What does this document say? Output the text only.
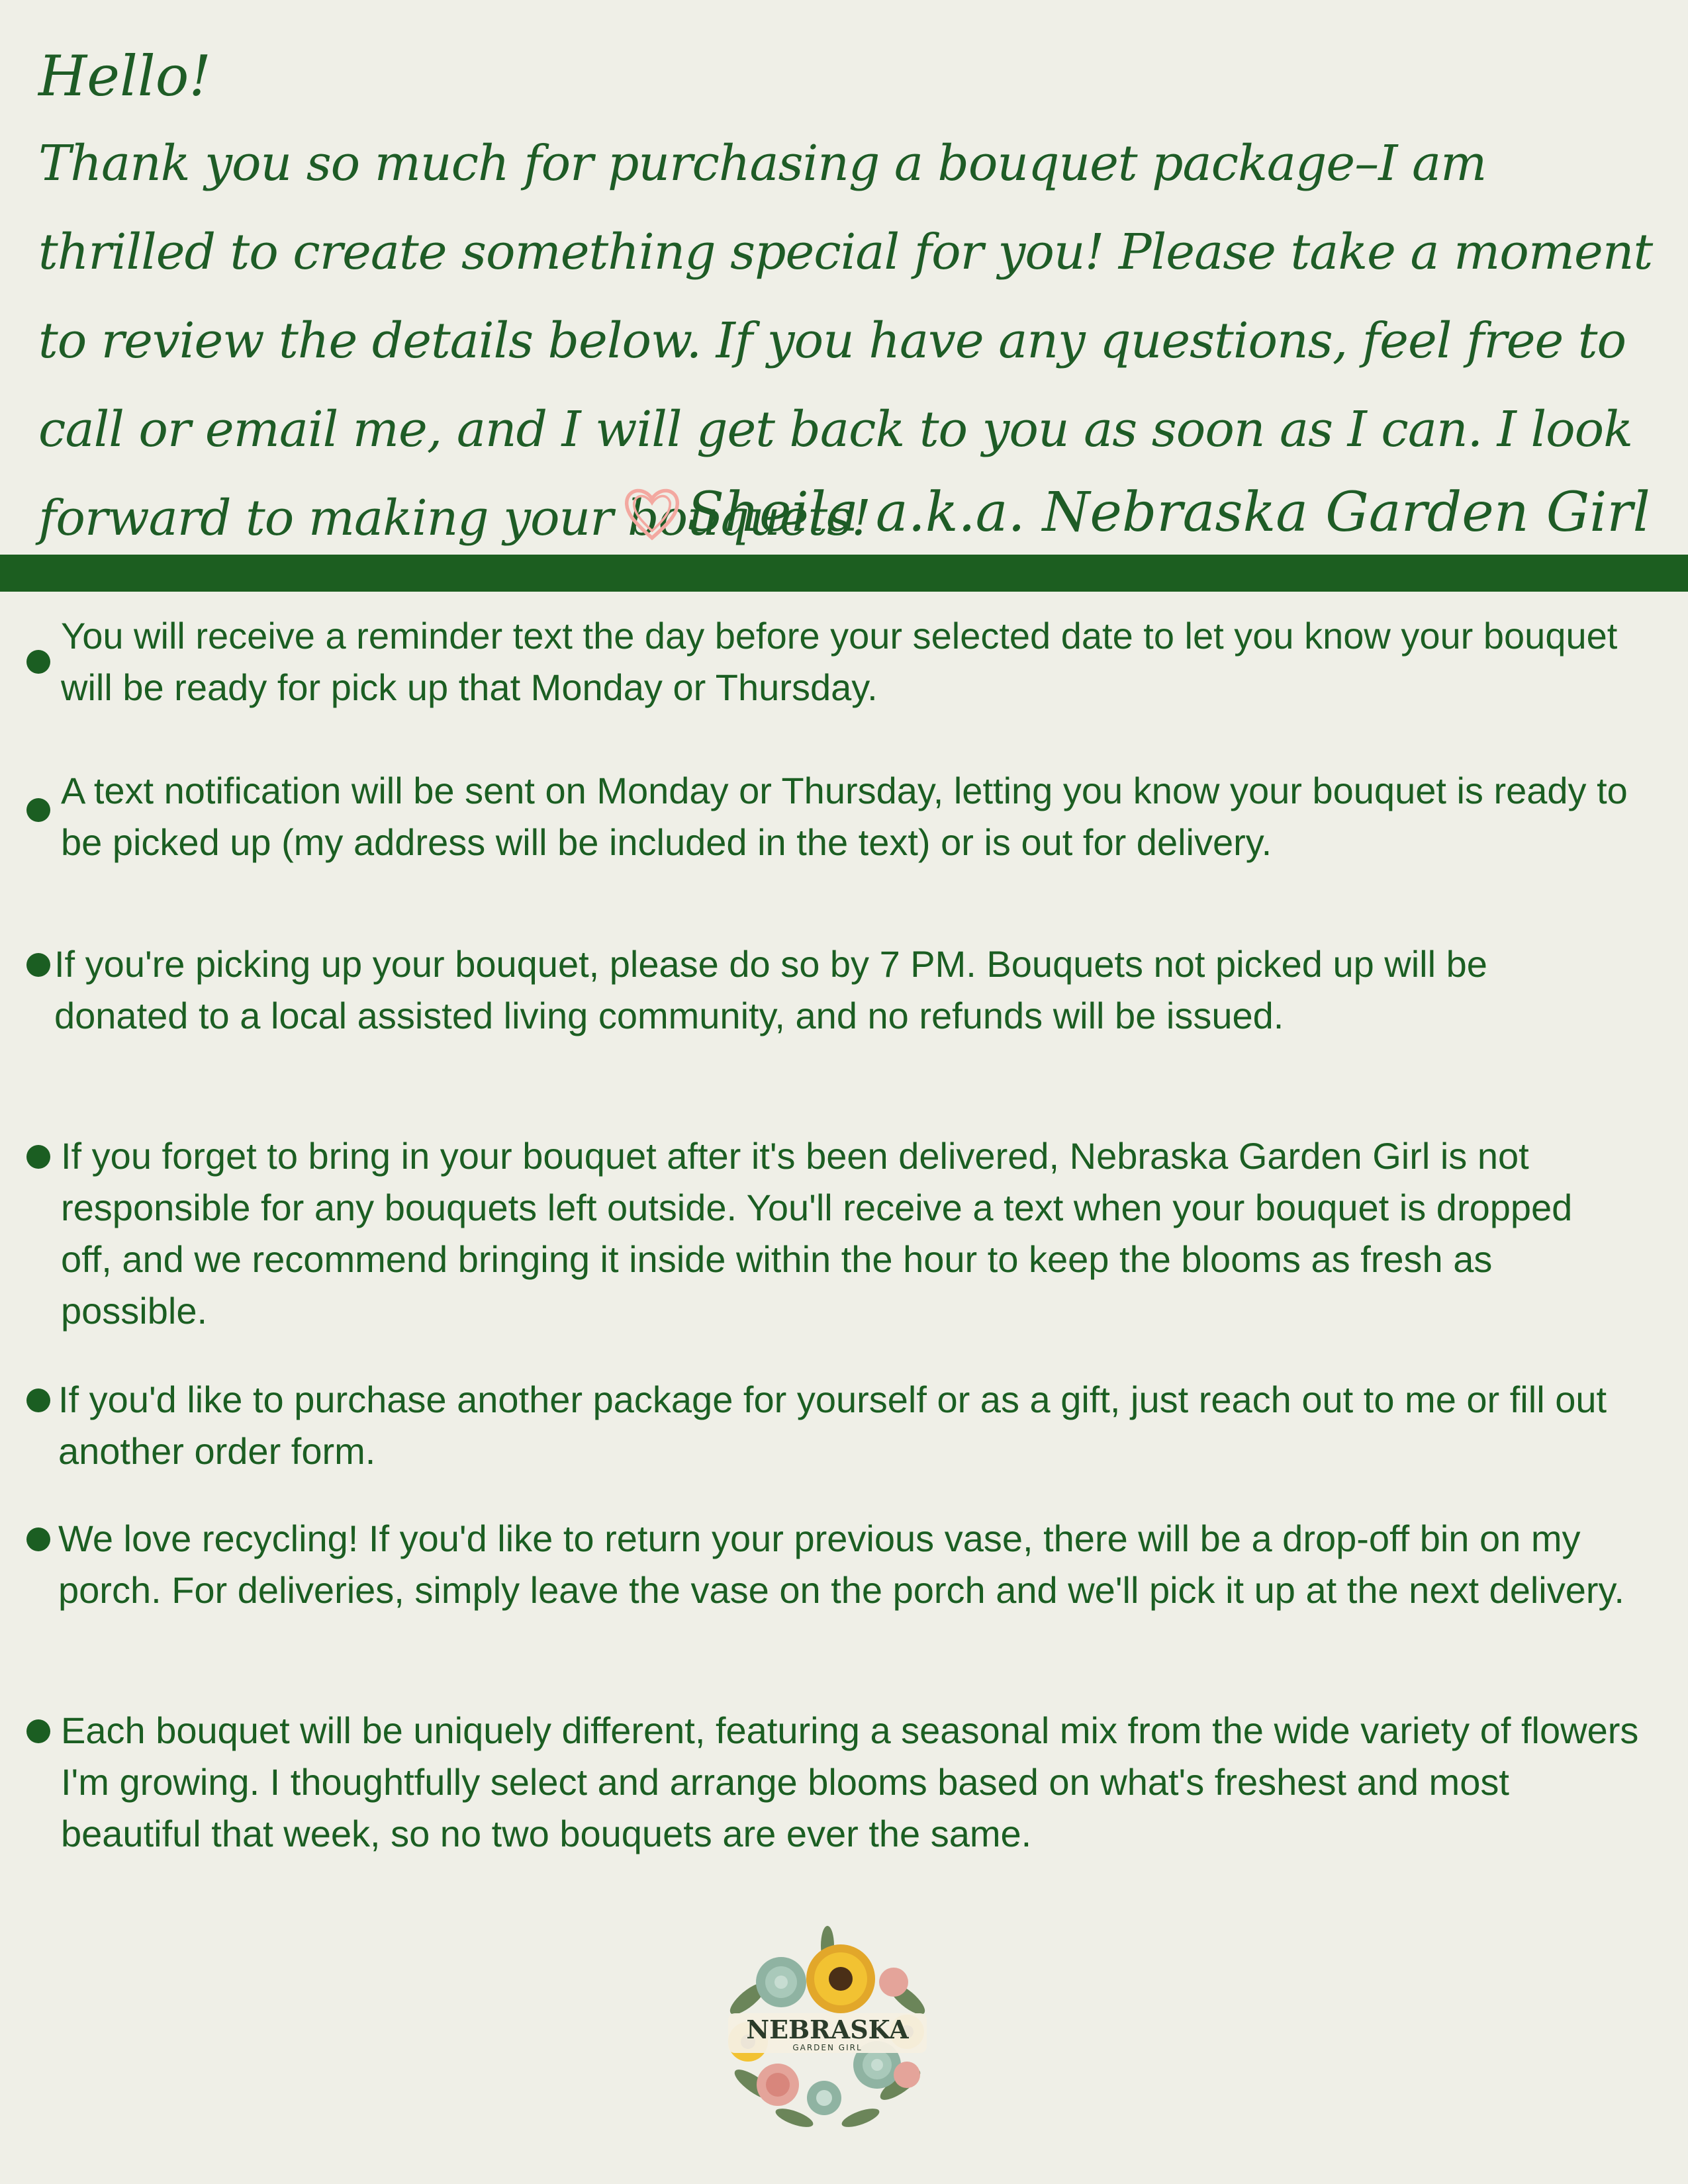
Hello!

Thank you so much for purchasing a bouquet package–I am thrilled to create something special for you! Please take a moment to review the details below. If you have any questions, feel free to call or email me, and I will get back to you as soon as I can. I look forward to making your bouquets!

Sheila a.k.a. Nebraska Garden Girl
You will receive a reminder text the day before your selected date to let you know your bouquet will be ready for pick up that Monday or Thursday.
A text notification will be sent on Monday or Thursday, letting you know your bouquet is ready to be picked up (my address will be included in the text) or is out for delivery.
If you're picking up your bouquet, please do so by 7 PM. Bouquets not picked up will be donated to a local assisted living community, and no refunds will be issued.
If you forget to bring in your bouquet after it's been delivered, Nebraska Garden Girl is not responsible for any bouquets left outside. You'll receive a text when your bouquet is dropped off, and we recommend bringing it inside within the hour to keep the blooms as fresh as possible.
If you'd like to purchase another package for yourself or as a gift, just reach out to me or fill out another order form.
We love recycling! If you'd like to return your previous vase, there will be a drop-off bin on my porch. For deliveries, simply leave the vase on the porch and we'll pick it up at the next delivery.
Each bouquet will be uniquely different, featuring a seasonal mix from the wide variety of flowers I'm growing. I thoughtfully select and arrange blooms based on what's freshest and most beautiful that week, so no two bouquets are ever the same.
NEBRASKA
GARDEN GIRL
